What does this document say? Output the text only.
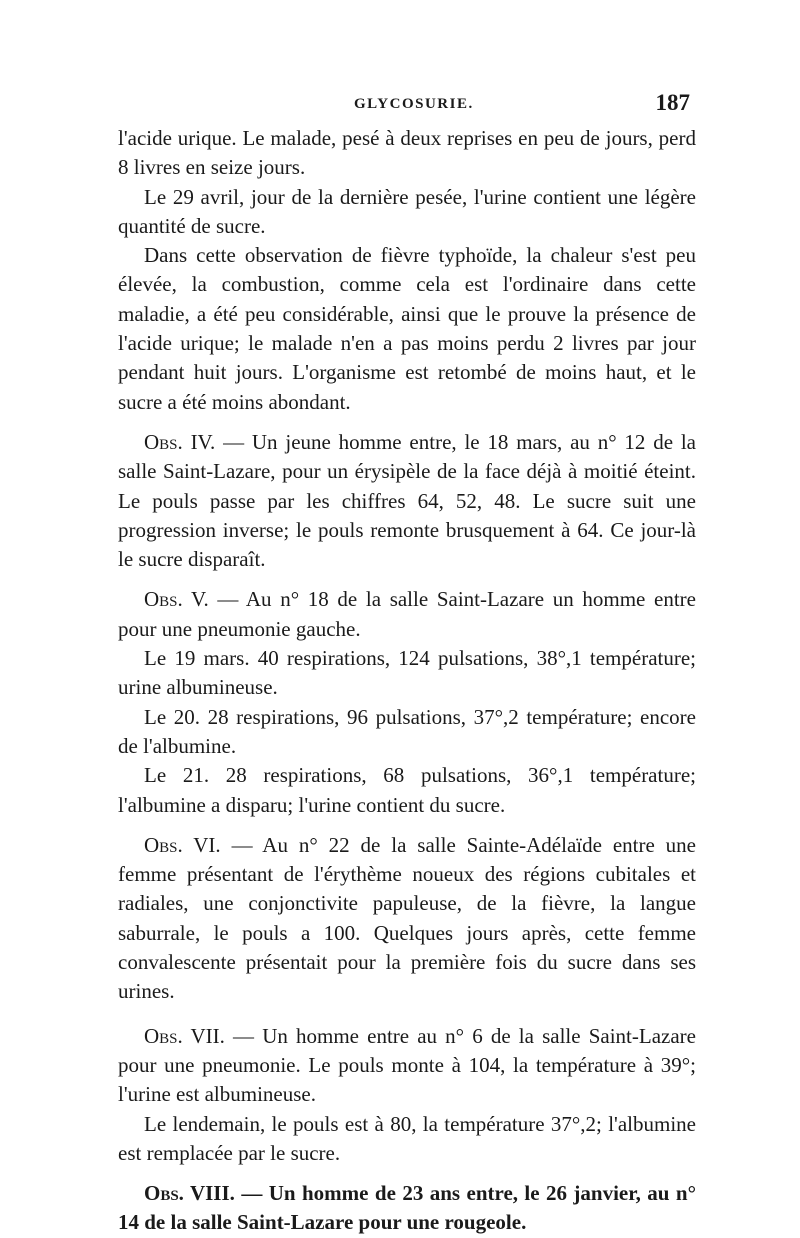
GLYCOSURIE.	187

l'acide urique. Le malade, pesé à deux reprises en peu de jours, perd 8 livres en seize jours.

Le 29 avril, jour de la dernière pesée, l'urine contient une légère quantité de sucre.

Dans cette observation de fièvre typhoïde, la chaleur s'est peu élevée, la combustion, comme cela est l'ordinaire dans cette maladie, a été peu considérable, ainsi que le prouve la présence de l'acide urique; le malade n'en a pas moins perdu 2 livres par jour pendant huit jours. L'organisme est retombé de moins haut, et le sucre a été moins abondant.

Obs. IV. — Un jeune homme entre, le 18 mars, au n° 12 de la salle Saint-Lazare, pour un érysipèle de la face déjà à moitié éteint. Le pouls passe par les chiffres 64, 52, 48. Le sucre suit une progression inverse; le pouls remonte brusquement à 64. Ce jour-là le sucre disparaît.

Obs. V. — Au n° 18 de la salle Saint-Lazare un homme entre pour une pneumonie gauche.

Le 19 mars. 40 respirations, 124 pulsations, 38°,1 température; urine albumineuse.

Le 20. 28 respirations, 96 pulsations, 37°,2 température; encore de l'albumine.

Le 21. 28 respirations, 68 pulsations, 36°,1 température; l'albumine a disparu; l'urine contient du sucre.

Obs. VI. — Au n° 22 de la salle Sainte-Adélaïde entre une femme présentant de l'érythème noueux des régions cubitales et radiales, une conjonctivite papuleuse, de la fièvre, la langue saburrale, le pouls a 100. Quelques jours après, cette femme convalescente présentait pour la première fois du sucre dans ses urines.

Obs. VII. — Un homme entre au n° 6 de la salle Saint-Lazare pour une pneumonie. Le pouls monte à 104, la température à 39°; l'urine est albumineuse.

Le lendemain, le pouls est à 80, la température 37°,2; l'albumine est remplacée par le sucre.

Obs. VIII. — Un homme de 23 ans entre, le 26 janvier, au n° 14 de la salle Saint-Lazare pour une rougeole.
